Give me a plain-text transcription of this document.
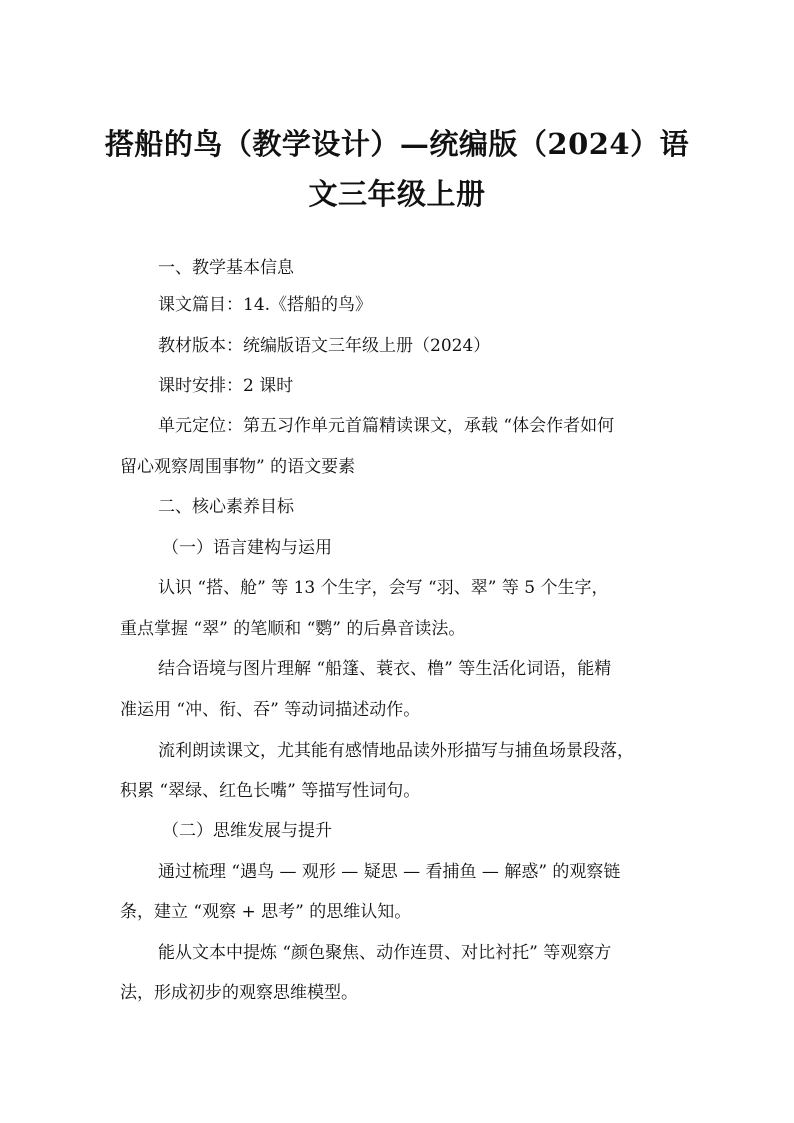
搭船的鸟（教学设计）—统编版（2024）语
文三年级上册
一、教学基本信息
课文篇目：14.《搭船的鸟》
教材版本：统编版语文三年级上册（2024）
课时安排：2 课时
单元定位：第五习作单元首篇精读课文，承载 “体会作者如何
留心观察周围事物” 的语文要素
二、核心素养目标
（一）语言建构与运用
认识 “搭、舱” 等 13 个生字，会写 “羽、翠” 等 5 个生字，
重点掌握 “翠” 的笔顺和 “鹦” 的后鼻音读法。
结合语境与图片理解 “船篷、蓑衣、橹” 等生活化词语，能精
准运用 “冲、衔、吞” 等动词描述动作。
流利朗读课文，尤其能有感情地品读外形描写与捕鱼场景段落，
积累 “翠绿、红色长嘴” 等描写性词句。
（二）思维发展与提升
通过梳理 “遇鸟 — 观形 — 疑思 — 看捕鱼 — 解惑” 的观察链
条，建立 “观察 + 思考” 的思维认知。
能从文本中提炼 “颜色聚焦、动作连贯、对比衬托” 等观察方
法，形成初步的观察思维模型。
